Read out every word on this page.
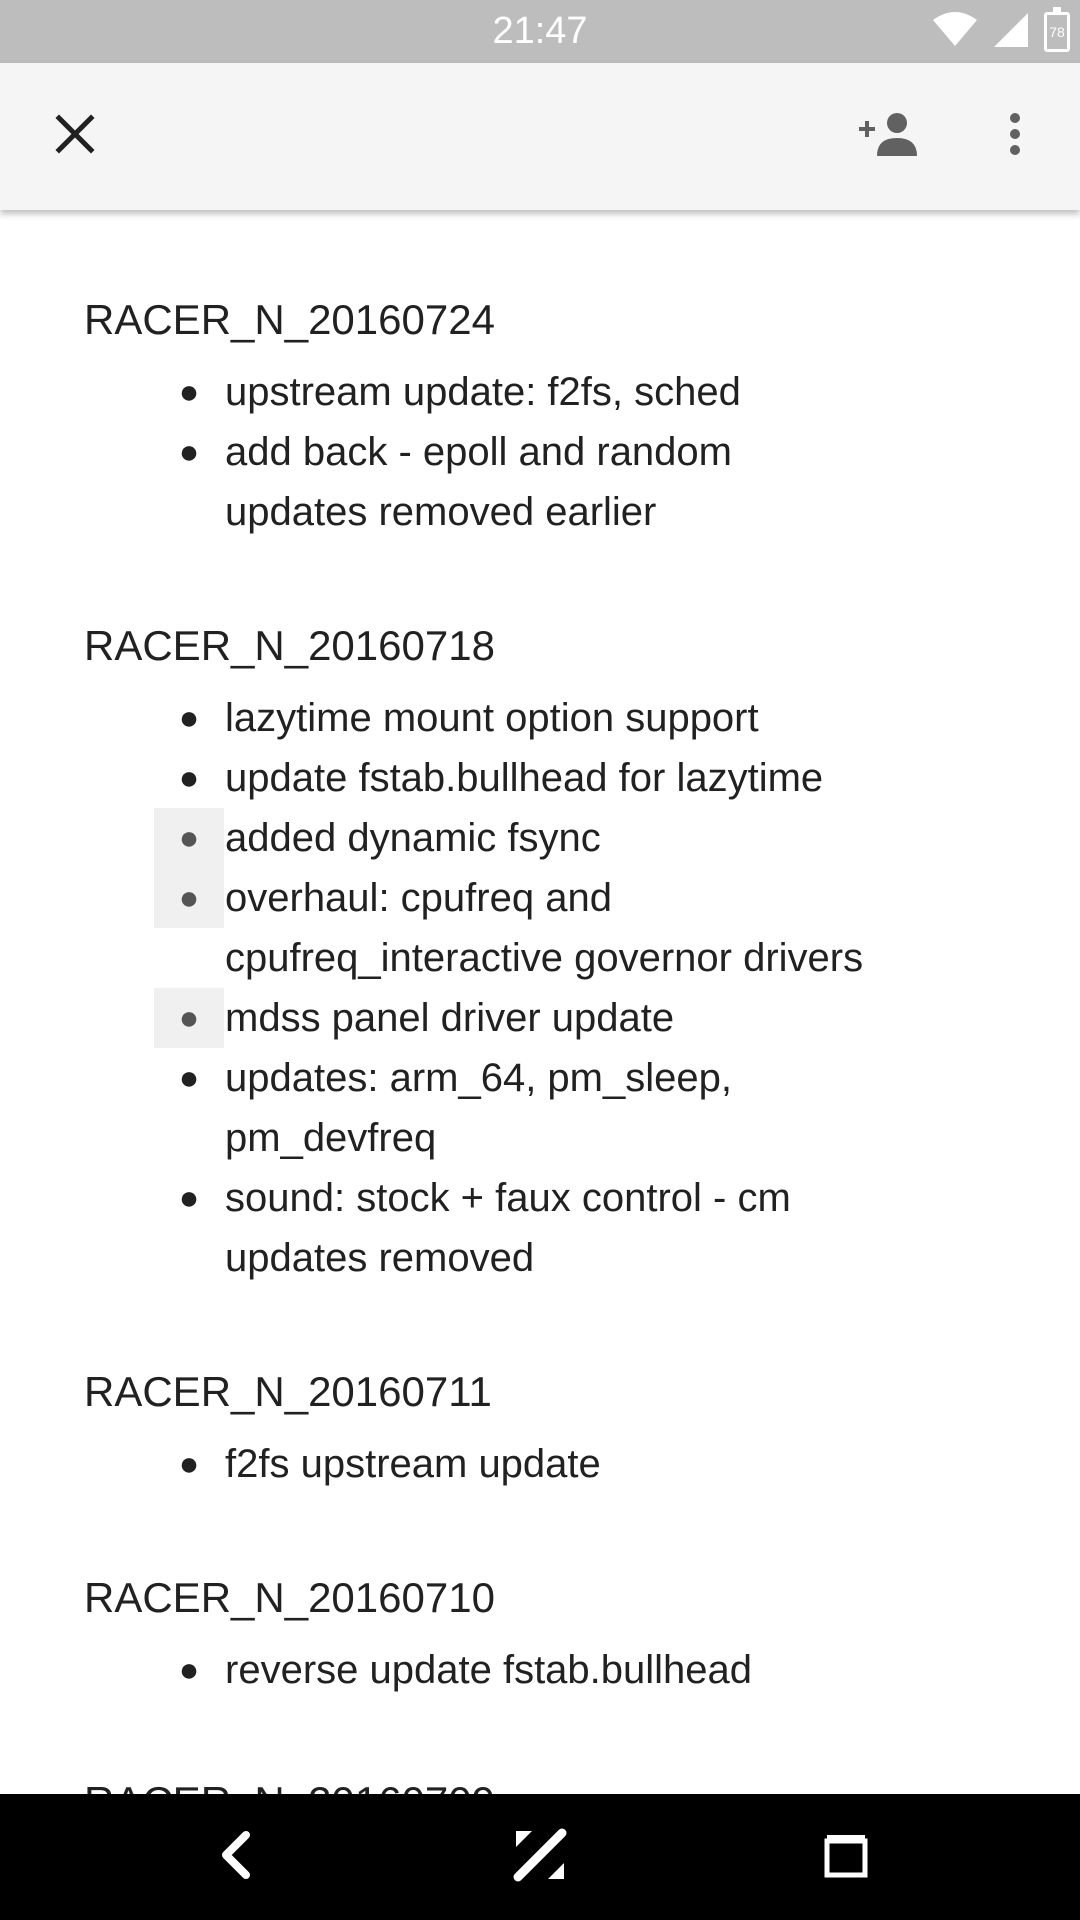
21:47	78

RACER_N_20160724

● upstream update: f2fs, sched
● add back - epoll and random updates removed earlier

RACER_N_20160718

● lazytime mount option support
● update fstab.bullhead for lazytime
● added dynamic fsync
● overhaul: cpufreq and cpufreq_interactive governor drivers
● mdss panel driver update
● updates: arm_64, pm_sleep, pm_devfreq
● sound: stock + faux control - cm updates removed

RACER_N_20160711

● f2fs upstream update

RACER_N_20160710

● reverse update fstab.bullhead
